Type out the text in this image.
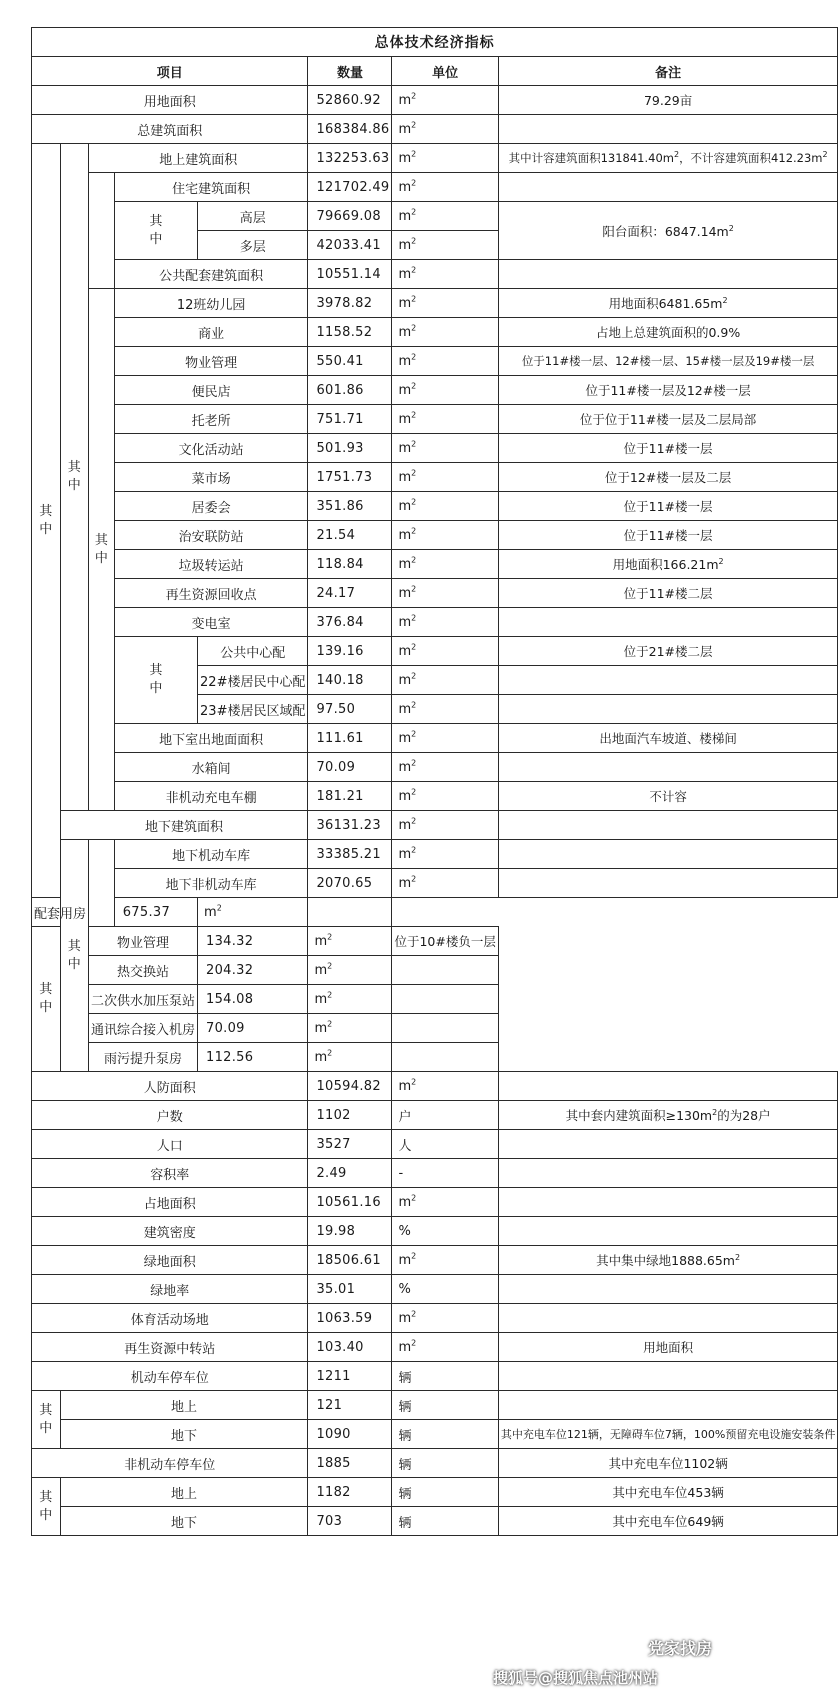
总体技术经济指标							
项目					数量	单位	备注
用地面积					52860.92	$m^2$	79.29亩
总建筑面积					168384.86	$m^2$	

其中	其中	地上建筑面积			132253.63	$m^2$	其中计容建筑面积$131841.40m^2$，不计容建筑面积$412.23m^2$
			住宅建筑面积		121702.49	$m^2$	

			其中	高层	79669.08	$m^2$	阳台面积：$6847.14m^2$
				多层	42033.41	$m^2$
			公共配套建筑面积		10551.14	$m^2$	

		其中	12班幼儿园		3978.82	$m^2$	用地面积$6481.65m^2$
			商业		1158.52	$m^2$	占地上总建筑面积的0.9%
			物业管理		550.41	$m^2$	位于11#楼一层、12#楼一层、15#楼一层及19#楼一层
			便民店		601.86	$m^2$	位于11#楼一层及12#楼一层
			托老所		751.71	$m^2$	位于位于11#楼一层及二层局部
			文化活动站		501.93	$m^2$	位于11#楼一层
			菜市场		1751.73	$m^2$	位于12#楼一层及二层
			居委会		351.86	$m^2$	位于11#楼一层
			治安联防站		21.54	$m^2$	位于11#楼一层
			垃圾转运站		118.84	$m^2$	用地面积$166.21m^2$
			再生资源回收点		24.17	$m^2$	位于11#楼二层
			变电室		376.84	$m^2$	

			其中	公共中心配	139.16	$m^2$	位于21#楼二层
				22#楼居民中心配	140.18	$m^2$	
				23#楼居民区域配	97.50	$m^2$	
			地下室出地面面积		111.61	$m^2$	出地面汽车坡道、楼梯间
			水箱间		70.09	$m^2$	
			非机动充电车棚		181.21	$m^2$	不计容
	地下建筑面积				36131.23	$m^2$	

	其中		地下机动车库		33385.21	$m^2$	
			地下非机动车库		2070.65	$m^2$	
配套用房			675.37	$m^2$	

其中		物业管理		134.32	$m^2$	位于10#楼负一层	
		热交换站		204.32	$m^2$	
		二次供水加压泵站		154.08	$m^2$	
		通讯综合接入机房		70.09	$m^2$	
		雨污提升泵房		112.56	$m^2$	
人防面积					10594.82	$m^2$	
户数					1102	户	其中套内建筑面积$\ge 130m^2$的为28户
人口					3527	人	
容积率					2.49	-	
占地面积					10561.16	$m^2$	
建筑密度					19.98	%	
绿地面积					18506.61	$m^2$	其中集中绿地$1888.65m^2$
绿地率					35.01	%	
体育活动场地					1063.59	$m^2$	
再生资源中转站					103.40	$m^2$	用地面积
机动车停车位					1211	辆	

其中	地上				121	辆	
	地下				1090	辆	其中充电车位121辆，无障碍车位7辆，100%预留充电设施安装条件
非机动车停车位					1885	辆	其中充电车位1102辆

其中	地上				1182	辆	其中充电车位453辆
	地下				703	辆	其中充电车位649辆
党家找房
搜狐号@搜狐焦点池州站
